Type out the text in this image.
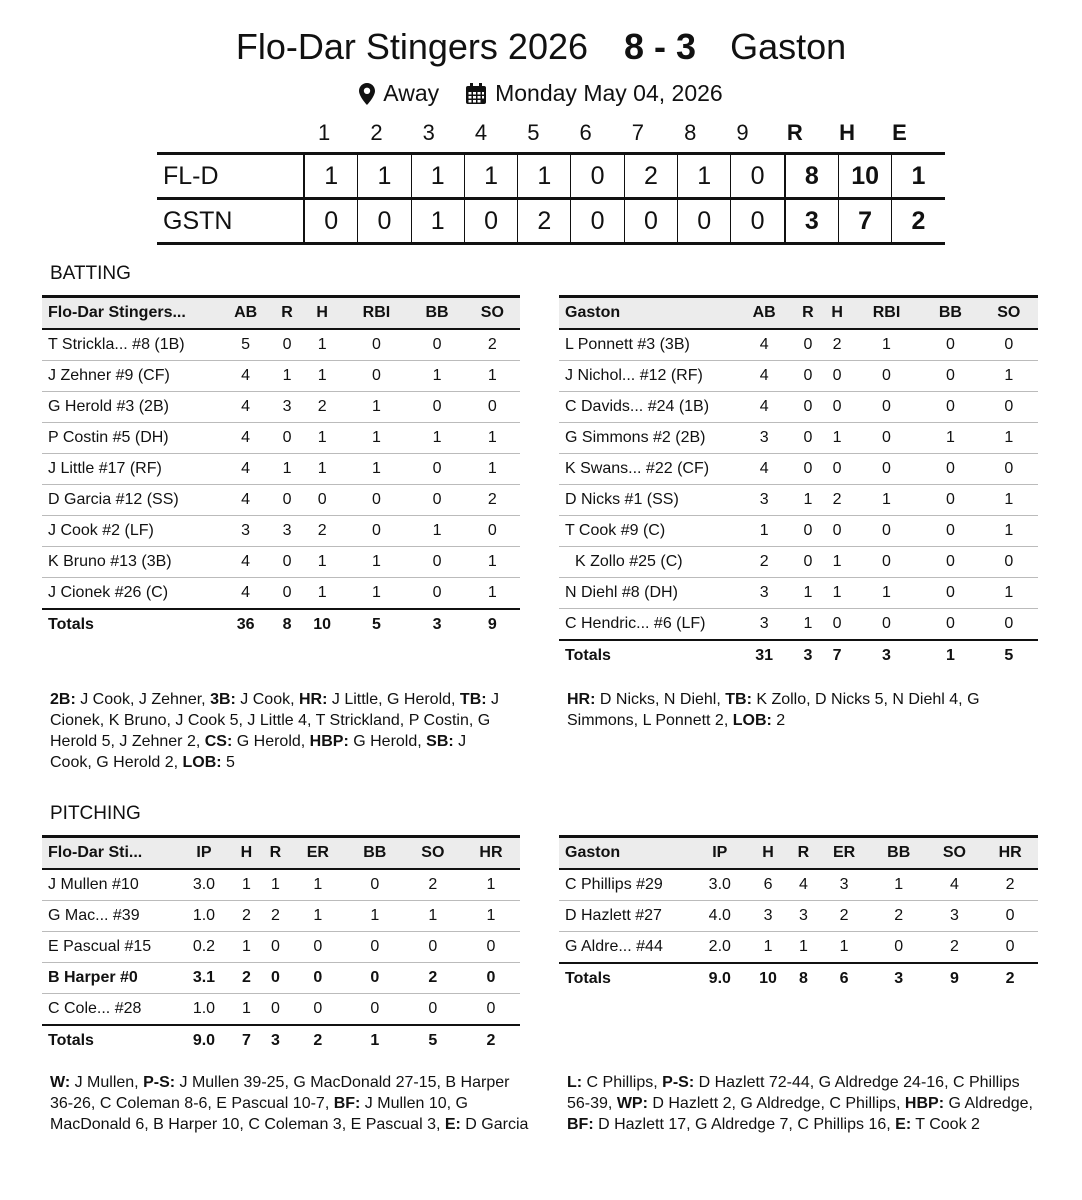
Flo-Dar Stingers 2026 8 - 3 Gaston
Away Monday May 04, 2026
1	2	3	4	5	6	7	8	9	R	H	E
FL-D	1	1	1	1	1	0	2	1	0	8	10	1
GSTN	0	0	1	0	2	0	0	0	0	3	7	2
BATTING
Flo-Dar Stingers...	AB	R	H	RBI	BB	SO
T Strickla... #8 (1B)	5	0	1	0	0	2
J Zehner #9 (CF)	4	1	1	0	1	1
G Herold #3 (2B)	4	3	2	1	0	0
P Costin #5 (DH)	4	0	1	1	1	1
J Little #17 (RF)	4	1	1	1	0	1
D Garcia #12 (SS)	4	0	0	0	0	2
J Cook #2 (LF)	3	3	2	0	1	0
K Bruno #13 (3B)	4	0	1	1	0	1
J Cionek #26 (C)	4	0	1	1	0	1
Totals	36	8	10	5	3	9
Gaston	AB	R	H	RBI	BB	SO
L Ponnett #3 (3B)	4	0	2	1	0	0
J Nichol... #12 (RF)	4	0	0	0	0	1
C Davids... #24 (1B)	4	0	0	0	0	0
G Simmons #2 (2B)	3	0	1	0	1	1
K Swans... #22 (CF)	4	0	0	0	0	0
D Nicks #1 (SS)	3	1	2	1	0	1
T Cook #9 (C)	1	0	0	0	0	1
K Zollo #25 (C)	2	0	1	0	0	0
N Diehl #8 (DH)	3	1	1	1	0	1
C Hendric... #6 (LF)	3	1	0	0	0	0
Totals	31	3	7	3	1	5
2B: J Cook, J Zehner, 3B: J Cook, HR: J Little, G Herold, TB: J Cionek, K Bruno, J Cook 5, J Little 4, T Strickland, P Costin, G Herold 5, J Zehner 2, CS: G Herold, HBP: G Herold, SB: J Cook, G Herold 2, LOB: 5
HR: D Nicks, N Diehl, TB: K Zollo, D Nicks 5, N Diehl 4, G Simmons, L Ponnett 2, LOB: 2
PITCHING
Flo-Dar Sti...	IP	H	R	ER	BB	SO	HR
J Mullen #10	3.0	1	1	1	0	2	1
G Mac... #39	1.0	2	2	1	1	1	1
E Pascual #15	0.2	1	0	0	0	0	0
B Harper #0	3.1	2	0	0	0	2	0
C Cole... #28	1.0	1	0	0	0	0	0
Totals	9.0	7	3	2	1	5	2
Gaston	IP	H	R	ER	BB	SO	HR
C Phillips #29	3.0	6	4	3	1	4	2
D Hazlett #27	4.0	3	3	2	2	3	0
G Aldre... #44	2.0	1	1	1	0	2	0
Totals	9.0	10	8	6	3	9	2
W: J Mullen, P-S: J Mullen 39-25, G MacDonald 27-15, B Harper 36-26, C Coleman 8-6, E Pascual 10-7, BF: J Mullen 10, G MacDonald 6, B Harper 10, C Coleman 3, E Pascual 3, E: D Garcia
L: C Phillips, P-S: D Hazlett 72-44, G Aldredge 24-16, C Phillips 56-39, WP: D Hazlett 2, G Aldredge, C Phillips, HBP: G Aldredge, BF: D Hazlett 17, G Aldredge 7, C Phillips 16, E: T Cook 2
